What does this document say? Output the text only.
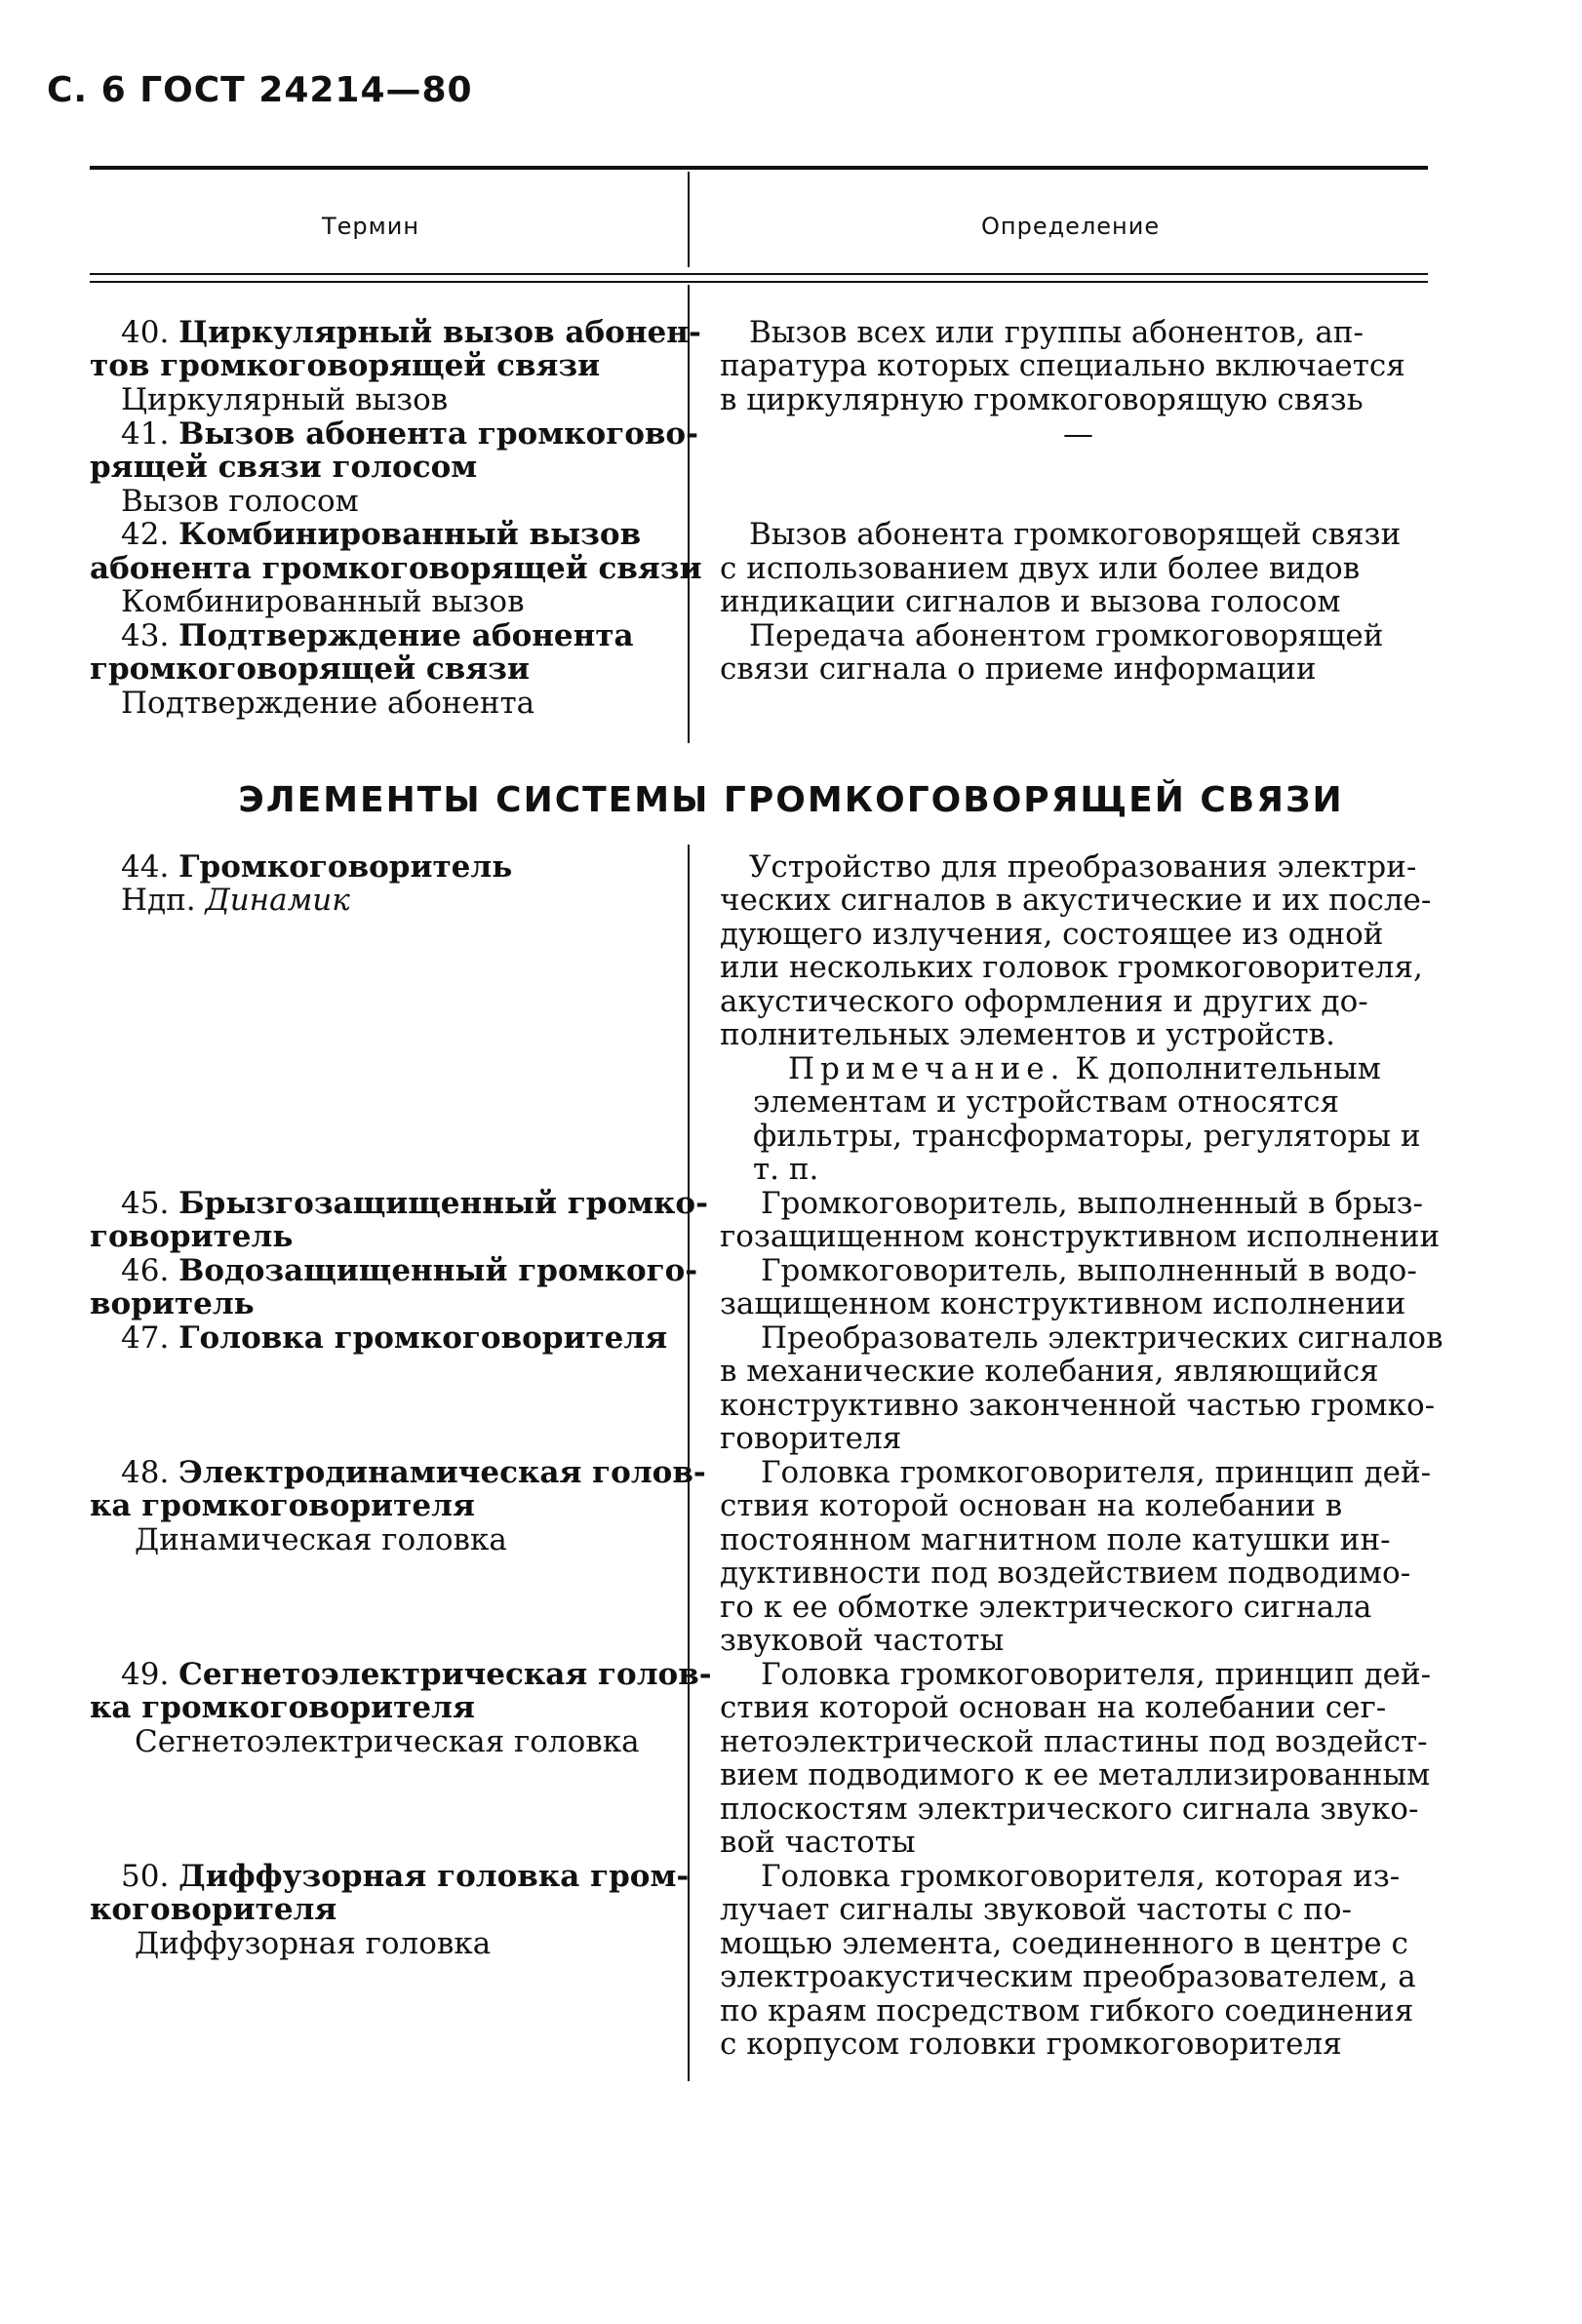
С. 6 ГОСТ 24214—80
Термин	Определение
40. Циркулярный вызов абонен-
тов громкоговорящей связи
Циркулярный вызов
Вызов всех или группы абонентов, ап-
паратура которых специально включается
в циркулярную громкоговорящую связь
41. Вызов абонента громкогово-
рящей связи голосом
Вызов голосом
—
42. Комбинированный вызов
абонента громкоговорящей связи
Комбинированный вызов
Вызов абонента громкоговорящей связи
с использованием двух или более видов
индикации сигналов и вызова голосом
43. Подтверждение абонента
громкоговорящей связи
Подтверждение абонента
Передача абонентом громкоговорящей
связи сигнала о приеме информации
ЭЛЕМЕНТЫ СИСТЕМЫ ГРОМКОГОВОРЯЩЕЙ СВЯЗИ
44. Громкоговоритель
Ндп. Динамик
Устройство для преобразования электри-
ческих сигналов в акустические и их после-
дующего излучения, состоящее из одной
или нескольких головок громкоговорителя,
акустического оформления и других до-
полнительных элементов и устройств.
Примечание. К дополнительным
элементам и устройствам относятся
фильтры, трансформаторы, регуляторы и
т. п.
45. Брызгозащищенный громко-
говоритель
Громкоговоритель, выполненный в брыз-
гозащищенном конструктивном исполнении
46. Водозащищенный громкого-
воритель
Громкоговоритель, выполненный в водо-
защищенном конструктивном исполнении
47. Головка громкоговорителя	Преобразователь электрических сигналов
в механические колебания, являющийся
конструктивно законченной частью громко-
говорителя
48. Электродинамическая голов-
ка громкоговорителя
Динамическая головка
Головка громкоговорителя, принцип дей-
ствия которой основан на колебании в
постоянном магнитном поле катушки ин-
дуктивности под воздействием подводимо-
го к ее обмотке электрического сигнала
звуковой частоты
49. Сегнетоэлектрическая голов-
ка громкоговорителя
Сегнетоэлектрическая головка
Головка громкоговорителя, принцип дей-
ствия которой основан на колебании сег-
нетоэлектрической пластины под воздейст-
вием подводимого к ее металлизированным
плоскостям электрического сигнала звуко-
вой частоты
50. Диффузорная головка гром-
коговорителя
Диффузорная головка
Головка громкоговорителя, которая из-
лучает сигналы звуковой частоты с по-
мощью элемента, соединенного в центре с
электроакустическим преобразователем, а
по краям посредством гибкого соединения
с корпусом головки громкоговорителя
